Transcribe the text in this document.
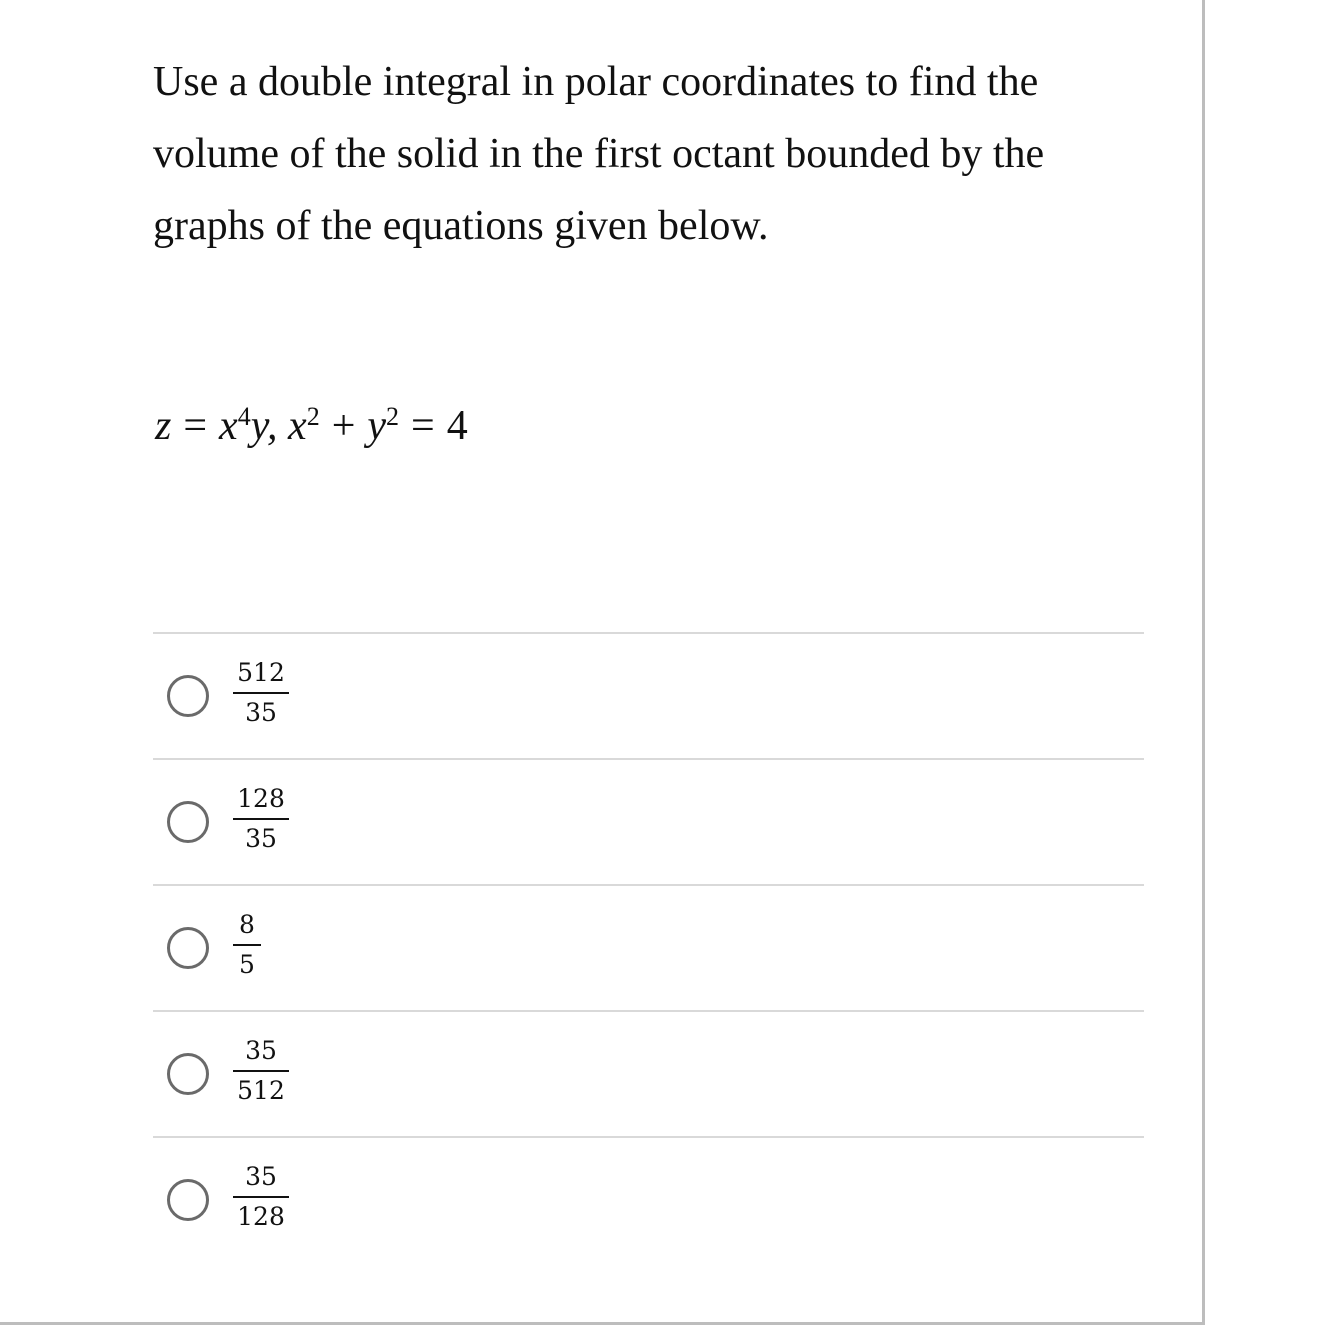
Use a double integral in polar coordinates to find the volume of the solid in the first octant bounded by the graphs of the equations given below.

$z = x^4y$, $x^2 + y^2 = 4$
$\frac{512}{35}$
$\frac{128}{35}$
$\frac{8}{5}$
$\frac{35}{512}$
$\frac{35}{128}$
